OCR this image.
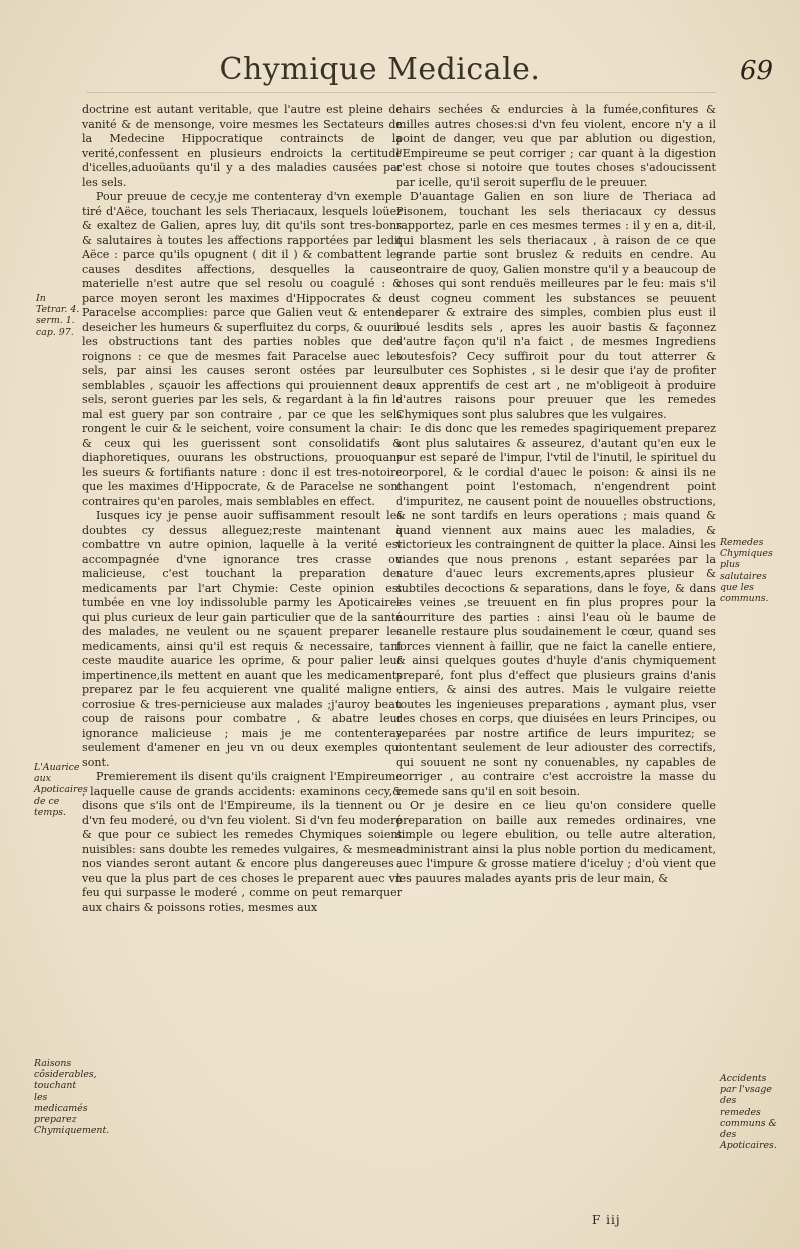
Chymique Medicale.	69

doctrine est autant veritable, que l'autre est pleine de vanité & de mensonge, voire mesmes les Sectateurs de la Medecine Hippocratique contraincts de la verité,confessent en plusieurs endroicts la certitude d'icelles,aduoüants qu'il y a des maladies causées par les sels.

Pour preuue de cecy,je me contenteray d'vn exemple tiré d'Aëce, touchant les sels Theriacaux, lesquels loüez & exaltez de Galien, apres luy, dit qu'ils sont tres-bons & salutaires à toutes les affections rapportées par ledit Aëce : parce qu'ils opugnent ( dit il ) & combattent les causes desdites affections, desquelles la cause materielle n'est autre que sel resolu ou coagulé : & parce moyen seront les maximes d'Hippocrates & de Paracelse accomplies: parce que Galien veut & entend deseicher les humeurs & superfluitez du corps, & ouurir les obstructions tant des parties nobles que des roignons : ce que de mesmes fait Paracelse auec les sels, par ainsi les causes seront ostées par leurs semblables , sçauoir les affections qui prouiennent des sels, seront gueries par les sels, & regardant à la fin le mal est guery par son contraire , par ce que les sels rongent le cuir & le seichent, voire consument la chair: & ceux qui les guerissent sont consolidatifs & diaphoretiques, ouurans les obstructions, prouoquans les sueurs & fortifiants nature : donc il est tres-notoire que les maximes d'Hippocrate, & de Paracelse ne sont contraires qu'en paroles, mais semblables en effect.

Iusques icy je pense auoir suffisamment resoult les doubtes cy dessus alleguez;reste maintenant à combattre vn autre opinion, laquelle à la verité est accompagnée d'vne ignorance tres crasse ou malicieuse, c'est touchant la preparation des medicaments par l'art Chymie: Ceste opinion est tumbée en vne loy indissoluble parmy les Apoticaires qui plus curieux de leur gain particulier que de la santé des malades, ne veulent ou ne sçauent preparer les medicaments, ainsi qu'il est requis & necessaire, tant ceste maudite auarice les oprime, & pour palier leur impertinence,ils mettent en auant que les medicaments preparez par le feu acquierent vne qualité maligne , corrosiue & tres-pernicieuse aux malades ;j'auroy beau coup de raisons pour combatre , & abatre leur ignorance malicieuse ; mais je me contenteray seulement d'amener en jeu vn ou deux exemples qui sont.

Premierement ils disent qu'ils craignent l'Empireume , laquelle cause de grands accidents: examinons cecy,& disons que s'ils ont de l'Empireume, ils la tiennent ou d'vn feu moderé, ou d'vn feu violent. Si d'vn feu moderé & que pour ce subiect les remedes Chymiques soient nuisibles: sans doubte les remedes vulgaires, & mesmes nos viandes seront autant & encore plus dangereuses , veu que la plus part de ces choses le preparent auec vn feu qui surpasse le moderé , comme on peut remarquer aux chairs & poissons roties, mesmes aux

chairs sechées & endurcies à la fumée,confitures & milles autres choses:si d'vn feu violent, encore n'y a il point de danger, veu que par ablution ou digestion, l'Empireume se peut corriger ; car quant à la digestion c'est chose si notoire que toutes choses s'adoucissent par icelle, qu'il seroit superflu de le preuuer.

D'auantage Galien en son liure de Theriaca ad Pisonem, touchant les sels theriacaux cy dessus rapportez, parle en ces mesmes termes : il y en a, dit-il, qui blasment les sels theriacaux , à raison de ce que grande partie sont bruslez & reduits en cendre. Au contraire de quoy, Galien monstre qu'il y a beaucoup de choses qui sont renduës meilleures par le feu: mais s'il eust cogneu comment les substances se peuuent separer & extraire des simples, combien plus eust il loué lesdits sels , apres les auoir bastis & façonnez d'autre façon qu'il n'a faict , de mesmes Ingrediens toutesfois? Cecy suffiroit pour du tout atterrer & culbuter ces Sophistes , si le desir que i'ay de profiter aux apprentifs de cest art , ne m'obligeoit à produire d'autres raisons pour preuuer que les remedes Chymiques sont plus salubres que les vulgaires.

Ie dis donc que les remedes spagiriquement preparez sont plus salutaires & asseurez, d'autant qu'en eux le pur est separé de l'impur, l'vtil de l'inutil, le spirituel du corporel, & le cordial d'auec le poison: & ainsi ils ne changent point l'estomach, n'engendrent point d'impuritez, ne causent point de nouuelles obstructions, & ne sont tardifs en leurs operations ; mais quand & quand viennent aux mains auec les maladies, & victorieux les contraingnent de quitter la place. Ainsi les viandes que nous prenons , estant separées par la nature d'auec leurs excrements,apres plusieur & subtiles decoctions & separations, dans le foye, & dans les veines ,se treuuent en fin plus propres pour la nourriture des parties : ainsi l'eau où le baume de canelle restaure plus soudainement le cœur, quand ses forces viennent à faillir, que ne faict la canelle entiere, & ainsi quelques goutes d'huyle d'anis chymiquement preparé, font plus d'effect que plusieurs grains d'anis entiers, & ainsi des autres. Mais le vulgaire reiette toutes les ingenieuses preparations , aymant plus, vser des choses en corps, que diuisées en leurs Principes, ou separées par nostre artifice de leurs impuritez; se contentant seulement de leur adiouster des correctifs, qui souuent ne sont ny conuenables, ny capables de corriger , au contraire c'est accroistre la masse du remede sans qu'il en soit besoin.

Or je desire en ce lieu qu'on considere quelle preparation on baille aux remedes ordinaires, vne simple ou legere ebulition, ou telle autre alteration, administrant ainsi la plus noble portion du medicament, auec l'impure & grosse matiere d'iceluy ; d'où vient que les pauures malades ayants pris de leur main, &

In Tetrar. 4. serm. 1. cap. 97.
L'Auarice aux Apoticaires de ce temps.
Raisons côsiderables, touchant les medicamés preparez Chymiquement.
Remedes Chymiques plus salutaires que les communs.
Accidents par l'vsage des remedes communs & des Apoticaires.
F iij
